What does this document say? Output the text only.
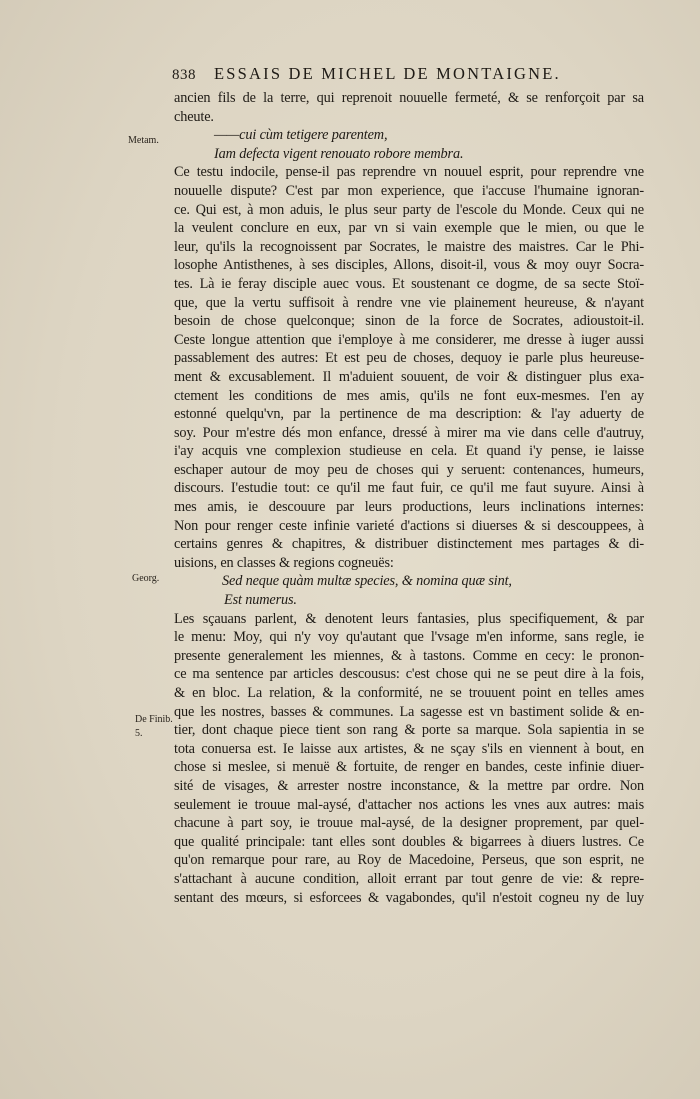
838 ESSAIS DE MICHEL DE MONTAIGNE.
Metam.
Georg.
De Finib.
5.
ancien fils de la terre, qui reprenoit nouuelle fermeté, & se renforçoit par sa
cheute.
——cui cùm tetigere parentem,
Iam defecta vigent renouato robore membra.
Ce testu indocile, pense-il pas reprendre vn nouuel esprit, pour reprendre vne
nouuelle dispute? C'est par mon experience, que i'accuse l'humaine ignoran-
ce. Qui est, à mon aduis, le plus seur party de l'escole du Monde. Ceux qui ne
la veulent conclure en eux, par vn si vain exemple que le mien, ou que le
leur, qu'ils la recognoissent par Socrates, le maistre des maistres. Car le Phi-
losophe Antisthenes, à ses disciples, Allons, disoit-il, vous & moy ouyr Socra-
tes. Là ie feray disciple auec vous. Et soustenant ce dogme, de sa secte Stoï-
que, que la vertu suffisoit à rendre vne vie plainement heureuse, & n'ayant
besoin de chose quelconque; sinon de la force de Socrates, adioustoit-il.
Ceste longue attention que i'employe à me considerer, me dresse à iuger aussi
passablement des autres: Et est peu de choses, dequoy ie parle plus heureuse-
ment & excusablement. Il m'aduient souuent, de voir & distinguer plus exa-
ctement les conditions de mes amis, qu'ils ne font eux-mesmes. I'en ay
estonné quelqu'vn, par la pertinence de ma description: & l'ay aduerty de
soy. Pour m'estre dés mon enfance, dressé à mirer ma vie dans celle d'autruy,
i'ay acquis vne complexion studieuse en cela. Et quand i'y pense, ie laisse
eschaper autour de moy peu de choses qui y seruent: contenances, humeurs,
discours. I'estudie tout: ce qu'il me faut fuir, ce qu'il me faut suyure. Ainsi à
mes amis, ie descouure par leurs productions, leurs inclinations internes:
Non pour renger ceste infinie varieté d'actions si diuerses & si descouppees, à
certains genres & chapitres, & distribuer distinctement mes partages & di-
uisions, en classes & regions cogneuës:
Sed neque quàm multæ species, & nomina quæ sint,
Est numerus.
Les sçauans parlent, & denotent leurs fantasies, plus specifiquement, & par
le menu: Moy, qui n'y voy qu'autant que l'vsage m'en informe, sans regle, ie
presente generalement les miennes, & à tastons. Comme en cecy: le pronon-
ce ma sentence par articles descousus: c'est chose qui ne se peut dire à la fois,
& en bloc. La relation, & la conformité, ne se trouuent point en telles ames
que les nostres, basses & communes. La sagesse est vn bastiment solide & en-
tier, dont chaque piece tient son rang & porte sa marque. Sola sapientia in se
tota conuersa est. Ie laisse aux artistes, & ne sçay s'ils en viennent à bout, en
chose si meslee, si menuë & fortuite, de renger en bandes, ceste infinie diuer-
sité de visages, & arrester nostre inconstance, & la mettre par ordre. Non
seulement ie trouue mal-aysé, d'attacher nos actions les vnes aux autres: mais
chacune à part soy, ie trouue mal-aysé, de la designer proprement, par quel-
que qualité principale: tant elles sont doubles & bigarrees à diuers lustres. Ce
qu'on remarque pour rare, au Roy de Macedoine, Perseus, que son esprit, ne
s'attachant à aucune condition, alloit errant par tout genre de vie: & repre-
sentant des mœurs, si esforcees & vagabondes, qu'il n'estoit cogneu ny de luy
